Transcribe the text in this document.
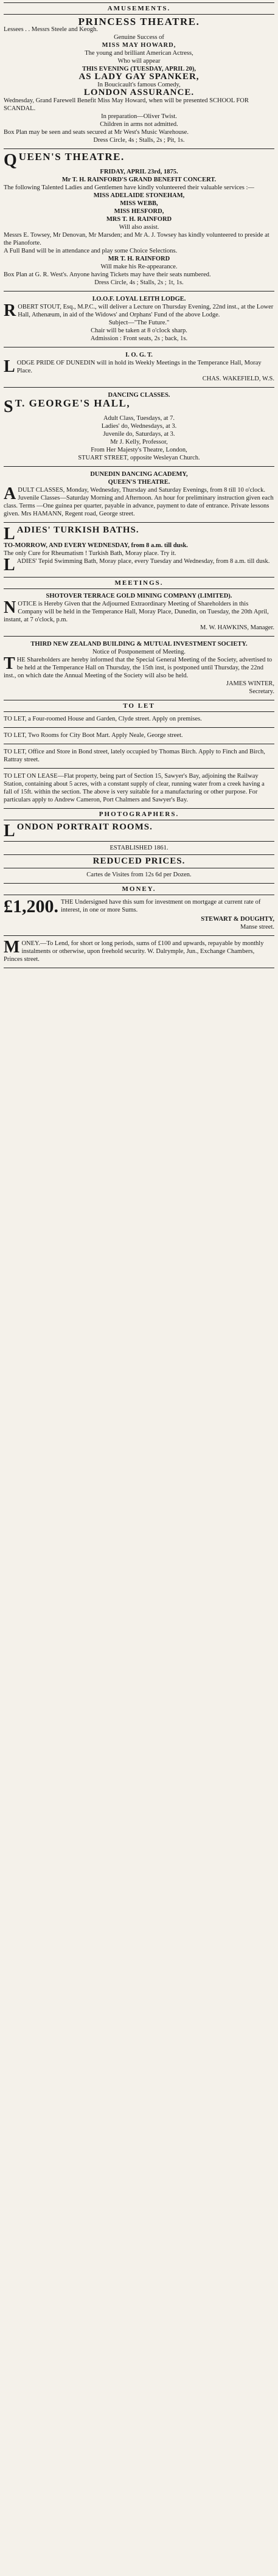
AMUSEMENTS.

PRINCESS THEATRE.

Lessees . . Messrs Steele and Keogh.

Genuine Success of

MISS MAY HOWARD,

The young and brilliant American Actress,

Who will appear

THIS EVENING (TUESDAY, APRIL 20),

AS LADY GAY SPANKER,

In Boucicault's famous Comedy,

LONDON ASSURANCE.

Wednesday, Grand Farewell Benefit Miss May Howard, when will be presented SCHOOL FOR SCANDAL.

In preparation—Oliver Twist.

Children in arms not admitted.

Box Plan may be seen and seats secured at Mr West's Music Warehouse.

Dress Circle, 4s ; Stalls, 2s ; Pit, 1s.

Q UEEN'S THEATRE.

FRIDAY, APRIL 23rd, 1875.

Mr T. H. RAINFORD'S GRAND BENEFIT CONCERT.

The following Talented Ladies and Gentlemen have kindly volunteered their valuable services :—

MISS ADELAIDE STONEHAM,

MISS WEBB,

MISS HESFORD,

MRS T. H. RAINFORD

Will also assist.

Messrs E. Towsey, Mr Denovan, Mr Marsden; and Mr A. J. Towsey has kindly volunteered to preside at the Pianoforte.

A Full Band will be in attendance and play some Choice Selections.

MR T. H. RAINFORD

Will make his Re-appearance.

Box Plan at G. R. West's. Anyone having Tickets may have their seats numbered.

Dress Circle, 4s ; Stalls, 2s ; 1t, 1s.

I.O.O.F. LOYAL LEITH LODGE.

R OBERT STOUT, Esq., M.P.C., will deliver a Lecture on Thursday Evening, 22nd inst., at the Lower Hall, Athenæum, in aid of the Widows' and Orphans' Fund of the above Lodge.

Subject—"The Future."

Chair will be taken at 8 o'clock sharp.

Admission : Front seats, 2s ; back, 1s.

I. O. G. T.

L ODGE PRIDE OF DUNEDIN will in hold its Weekly Meetings in the Temperance Hall, Moray Place.

CHAS. WAKEFIELD, W.S.

DANCING CLASSES.

S T. GEORGE'S HALL,

Adult Class, Tuesdays, at 7.

Ladies' do, Wednesdays, at 3.

Juvenile do, Saturdays, at 3.

Mr J. Kelly, Professor,

From Her Majesty's Theatre, London,

STUART STREET, opposite Wesleyan Church.

DUNEDIN DANCING ACADEMY,

QUEEN'S THEATRE.

A DULT CLASSES, Monday, Wednesday, Thursday and Saturday Evenings, from 8 till 10 o'clock. Juvenile Classes—Saturday Morning and Afternoon. An hour for preliminary instruction given each class. Terms —One guinea per quarter, payable in advance, payment to date of entrance. Private lessons given. Mrs HAMANN, Regent road, George street.

L ADIES' TURKISH BATHS.

TO-MORROW, AND EVERY WEDNESDAY, from 8 a.m. till dusk.

The only Cure for Rheumatism ! Turkish Bath, Moray place. Try it.

L ADIES' Tepid Swimming Bath, Moray place, every Tuesday and Wednesday, from 8 a.m. till dusk.

MEETINGS.

SHOTOVER TERRACE GOLD MINING COMPANY (LIMITED).

N OTICE is Hereby Given that the Adjourned Extraordinary Meeting of Shareholders in this Company will be held in the Temperance Hall, Moray Place, Dunedin, on Tuesday, the 20th April, instant, at 7 o'clock, p.m.

M. W. HAWKINS, Manager.

THIRD NEW ZEALAND BUILDING & MUTUAL INVESTMENT SOCIETY.

Notice of Postponement of Meeting.

T HE Shareholders are hereby informed that the Special General Meeting of the Society, advertised to be held at the Temperance Hall on Thursday, the 15th inst, is postponed until Thursday, the 22nd inst., on which date the Annual Meeting of the Society will also be held.

JAMES WINTER,

Secretary.

TO LET

TO LET, a Four-roomed House and Garden, Clyde street. Apply on premises.

TO LET, Two Rooms for City Boot Mart. Apply Neale, George street.

TO LET, Office and Store in Bond street, lately occupied by Thomas Birch. Apply to Finch and Birch, Rattray street.

TO LET ON LEASE—Flat property, being part of Section 15, Sawyer's Bay, adjoining the Railway Station, containing about 5 acres, with a constant supply of clear, running water from a creek having a fall of 15ft. within the section. The above is very suitable for a manufacturing or other purpose. For particulars apply to Andrew Cameron, Port Chalmers and Sawyer's Bay.

PHOTOGRAPHERS.
L ONDON PORTRAIT ROOMS.

ESTABLISHED 1861.

REDUCED PRICES.

Cartes de Visites from 12s 6d per Dozen.

MONEY.
£1,200. THE Undersigned have this sum for investment on mortgage at current rate of interest, in one or more Sums.

STEWART & DOUGHTY,

Manse street.

M ONEY.—To Lend, for short or long periods, sums of £100 and upwards, repayable by monthly instalments or otherwise, upon freehold security. W. Dalrymple, Jun., Exchange Chambers, Princes street.
